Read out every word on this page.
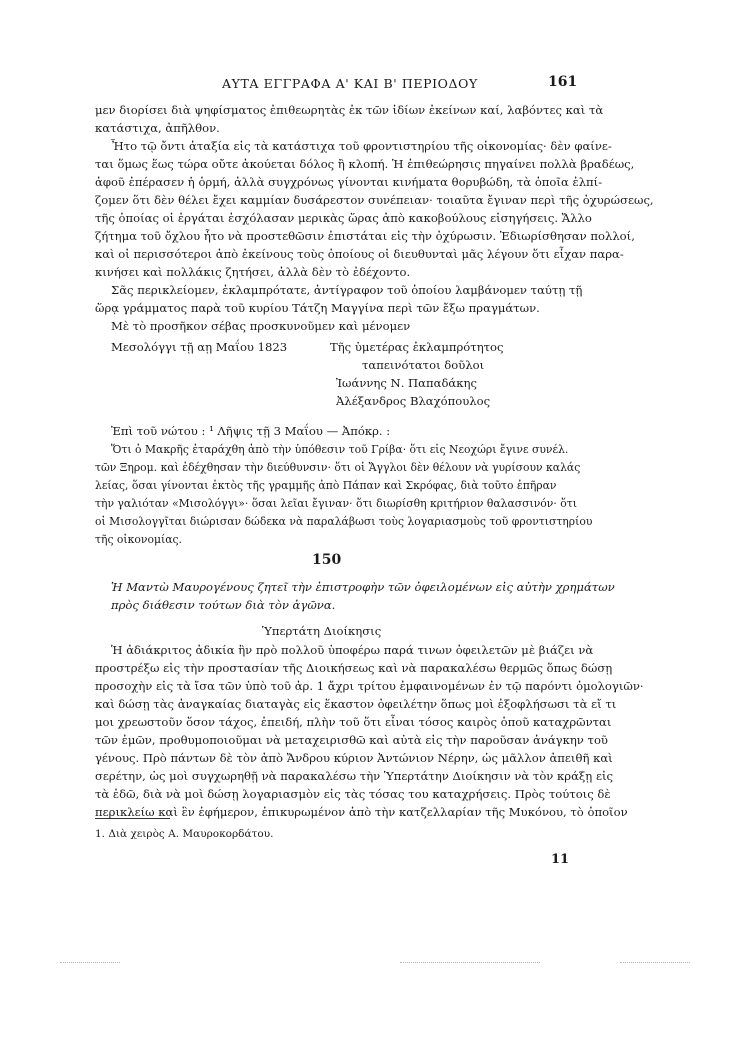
ΑΥΤΑ ΕΓΓΡΑΦΑ Α' ΚΑΙ Β' ΠΕΡΙΟΔΟΥ	161
μεν διορίσει διὰ ψηφίσματος ἐπιθεωρητὰς ἐκ τῶν ἰδίων ἐκείνων καί, λαβόντες καὶ τὰ
κατάστιχα, ἀπῆλθον.
Ἦτο τῷ ὄντι ἀταξία εἰς τὰ κατάστιχα τοῦ φροντιστηρίου τῆς οἰκονομίας· δὲν φαίνε-
ται ὅμως ἕως τώρα οὔτε ἀκούεται δόλος ἢ κλοπή. Ἡ ἐπιθεώρησις πηγαίνει πολλὰ βραδέως,
ἀφοῦ ἐπέρασεν ἡ ὁρμή, ἀλλὰ συγχρόνως γίνονται κινήματα θορυβώδη, τὰ ὁποῖα ἐλπί-
ζομεν ὅτι δὲν θέλει ἔχει καμμίαν δυσάρεστον συνέπειαν· τοιαῦτα ἔγιναν περὶ τῆς ὀχυρώσεως,
τῆς ὁποίας οἱ ἐργάται ἐσχόλασαν μερικὰς ὥρας ἀπὸ κακοβούλους εἰσηγήσεις. Ἄλλο
ζήτημα τοῦ ὄχλου ἦτο νὰ προστεθῶσιν ἐπιστάται εἰς τὴν ὀχύρωσιν. Ἐδιωρίσθησαν πολλοί,
καὶ οἱ περισσότεροι ἀπὸ ἐκείνους τοὺς ὁποίους οἱ διευθυνταὶ μᾶς λέγουν ὅτι εἶχαν παρα-
κινήσει καὶ πολλάκις ζητήσει, ἀλλὰ δὲν τὸ ἐδέχοντο.
Σᾶς περικλείομεν, ἐκλαμπρότατε, ἀντίγραφον τοῦ ὁποίου λαμβάνομεν ταύτῃ τῇ
ὥρᾳ γράμματος παρὰ τοῦ κυρίου Τάτζη Μαγγίνα περὶ τῶν ἔξω πραγμάτων.
Μὲ τὸ προσῆκον σέβας προσκυνοῦμεν καὶ μένομεν
Μεσολόγγι τῇ αῃ Μαΐου 1823	Τῆς ὑμετέρας ἐκλαμπρότητος
ταπεινότατοι δοῦλοι
Ἰωάννης Ν. Παπαδάκης
Ἀλέξανδρος Βλαχόπουλος
Ἐπὶ τοῦ νώτου : ¹ Λῆψις τῇ 3 Μαΐου — Ἀπόκρ. :
Ὅτι ὁ Μακρῆς ἐταράχθη ἀπὸ τὴν ὑπόθεσιν τοῦ Γρίβα· ὅτι εἰς Νεοχώρι ἔγινε συνέλ.
τῶν Ξηρομ. καὶ ἐδέχθησαν τὴν διεύθυνσιν· ὅτι οἱ Ἄγγλοι δὲν θέλουν νὰ γυρίσουν καλάς
λείας, ὅσαι γίνονται ἐκτὸς τῆς γραμμῆς ἀπὸ Πάπαν καὶ Σκρόφας, διὰ τοῦτο ἐπῆραν
τὴν γαλιόταν «Μισολόγγι»· ὅσαι λεῖαι ἔγιναν· ὅτι διωρίσθη κριτήριον θαλασσινόν· ὅτι
οἱ Μισολογγῖται διώρισαν δώδεκα νὰ παραλάβωσι τοὺς λογαριασμοὺς τοῦ φροντιστηρίου
τῆς οἰκονομίας.
150
Ἡ Μαντὼ Μαυρογένους ζητεῖ τὴν ἐπιστροφὴν τῶν ὀφειλομένων εἰς αὐτὴν χρημάτων
πρὸς διάθεσιν τούτων διὰ τὸν ἀγῶνα.
Ὑπερτάτη Διοίκησις
Ἡ ἀδιάκριτος ἀδικία ἣν πρὸ πολλοῦ ὑποφέρω παρά τινων ὀφειλετῶν μὲ βιάζει νὰ
προστρέξω εἰς τὴν προστασίαν τῆς Διοικήσεως καὶ νὰ παρακαλέσω θερμῶς ὅπως δώσῃ
προσοχὴν εἰς τὰ ἴσα τῶν ὑπὸ τοῦ ἀρ. 1 ἄχρι τρίτου ἐμφαινομένων ἐν τῷ παρόντι ὁμολογιῶν·
καὶ δώσῃ τὰς ἀναγκαίας διαταγὰς εἰς ἕκαστον ὀφειλέτην ὅπως μοὶ ἐξοφλήσωσι τὰ εἴ τι
μοι χρεωστοῦν ὅσον τάχος, ἐπειδή, πλὴν τοῦ ὅτι εἶναι τόσος καιρὸς ὁποῦ καταχρῶνται
τῶν ἐμῶν, προθυμοποιοῦμαι νὰ μεταχειρισθῶ καὶ αὐτὰ εἰς τὴν παροῦσαν ἀνάγκην τοῦ
γένους. Πρὸ πάντων δὲ τὸν ἀπὸ Ἄνδρου κύριον Ἀντώνιον Νέρην, ὡς μᾶλλον ἀπειθῆ καὶ
σερέτην, ὡς μοὶ συγχωρηθῇ νὰ παρακαλέσω τὴν Ὑπερτάτην Διοίκησιν νὰ τὸν κράξῃ εἰς
τὰ ἐδῶ, διὰ νὰ μοὶ δώσῃ λογαριασμὸν εἰς τὰς τόσας του καταχρήσεις. Πρὸς τούτοις δὲ
περικλείω καὶ ἓν ἐφήμερον, ἐπικυρωμένον ἀπὸ τὴν κατζελλαρίαν τῆς Μυκόνου, τὸ ὁποῖον
1. Διὰ χειρὸς Α. Μαυροκορδάτου.
11
